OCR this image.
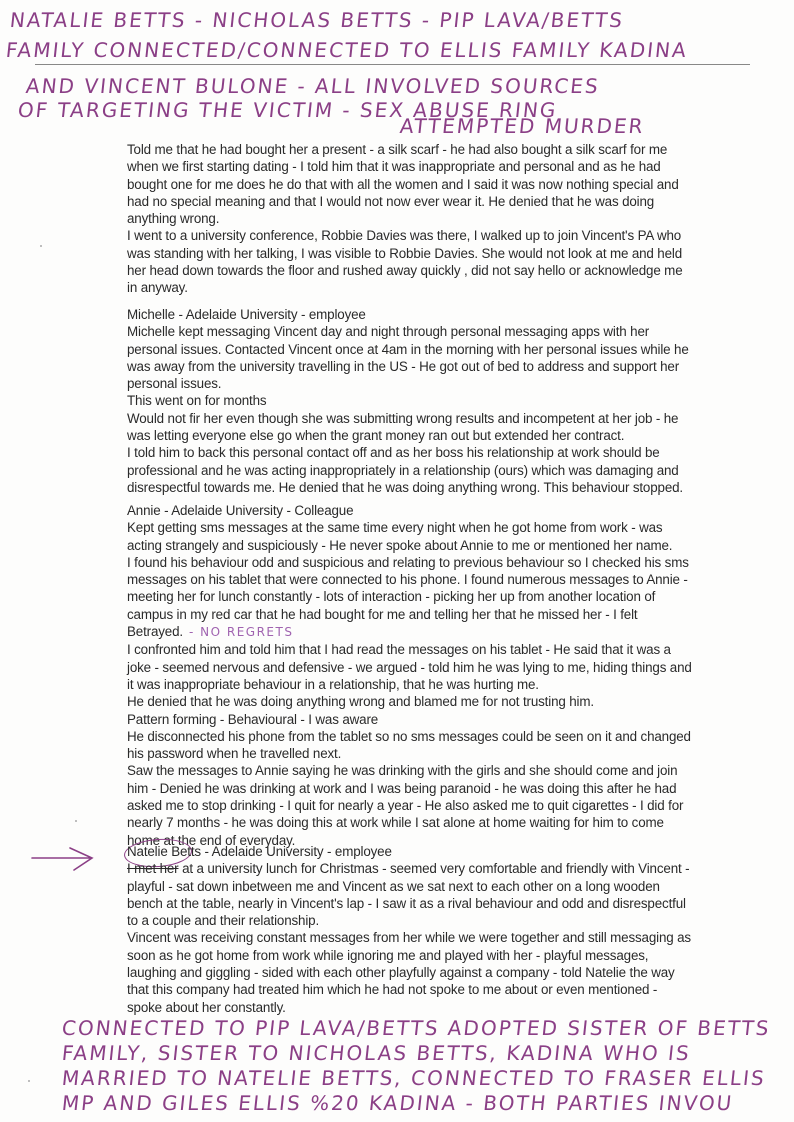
NATALIE BETTS - NICHOLAS BETTS - PIP LAVA/BETTS
FAMILY CONNECTED/CONNECTED TO ELLIS FAMILY KADINA
AND VINCENT BULONE - ALL INVOLVED SOURCES
OF TARGETING THE VICTIM - SEX ABUSE RING
ATTEMPTED MURDER
Told me that he had bought her a present - a silk scarf - he had also bought a silk scarf for me
when we first starting dating - I told him that it was inappropriate and personal and as he had
bought one for me does he do that with all the women and I said it was now nothing special and
had no special meaning and that I would not now ever wear it. He denied that he was doing
anything wrong.
I went to a university conference, Robbie Davies was there, I walked up to join Vincent's PA who
was standing with her talking, I was visible to Robbie Davies. She would not look at me and held
her head down towards the floor and rushed away quickly , did not say hello or acknowledge me
in anyway.
Michelle - Adelaide University - employee
Michelle kept messaging Vincent day and night through personal messaging apps with her
personal issues. Contacted Vincent once at 4am in the morning with her personal issues while he
was away from the university travelling in the US - He got out of bed to address and support her
personal issues.
This went on for months
Would not fir her even though she was submitting wrong results and incompetent at her job - he
was letting everyone else go when the grant money ran out but extended her contract.
I told him to back this personal contact off and as her boss his relationship at work should be
professional and he was acting inappropriately in a relationship (ours) which was damaging and
disrespectful towards me. He denied that he was doing anything wrong. This behaviour stopped.
Annie - Adelaide University - Colleague
Kept getting sms messages at the same time every night when he got home from work - was
acting strangely and suspiciously - He never spoke about Annie to me or mentioned her name.
I found his behaviour odd and suspicious and relating to previous behaviour so I checked his sms
messages on his tablet that were connected to his phone. I found numerous messages to Annie -
meeting her for lunch constantly - lots of interaction - picking her up from another location of
campus in my red car that he had bought for me and telling her that he missed her - I felt
Betrayed. - NO REGRETS
I confronted him and told him that I had read the messages on his tablet - He said that it was a
joke - seemed nervous and defensive - we argued - told him he was lying to me, hiding things and
it was inappropriate behaviour in a relationship, that he was hurting me.
He denied that he was doing anything wrong and blamed me for not trusting him.
Pattern forming - Behavioural - I was aware
He disconnected his phone from the tablet so no sms messages could be seen on it and changed
his password when he travelled next.
Saw the messages to Annie saying he was drinking with the girls and she should come and join
him - Denied he was drinking at work and I was being paranoid - he was doing this after he had
asked me to stop drinking - I quit for nearly a year - He also asked me to quit cigarettes - I did for
nearly 7 months - he was doing this at work while I sat alone at home waiting for him to come
home at the end of everyday.
Natelie Betts - Adelaide University - employee
I met her at a university lunch for Christmas - seemed very comfortable and friendly with Vincent -
playful - sat down inbetween me and Vincent as we sat next to each other on a long wooden
bench at the table, nearly in Vincent's lap - I saw it as a rival behaviour and odd and disrespectful
to a couple and their relationship.
Vincent was receiving constant messages from her while we were together and still messaging as
soon as he got home from work while ignoring me and played with her - playful messages,
laughing and giggling - sided with each other playfully against a company - told Natelie the way
that this company had treated him which he had not spoke to me about or even mentioned -
spoke about her constantly.
CONNECTED TO PIP LAVA/BETTS ADOPTED SISTER OF BETTS
FAMILY, SISTER TO NICHOLAS BETTS, KADINA WHO IS
MARRIED TO NATELIE BETTS, CONNECTED TO FRASER ELLIS
MP AND GILES ELLIS %20 KADINA - BOTH PARTIES INVOU
